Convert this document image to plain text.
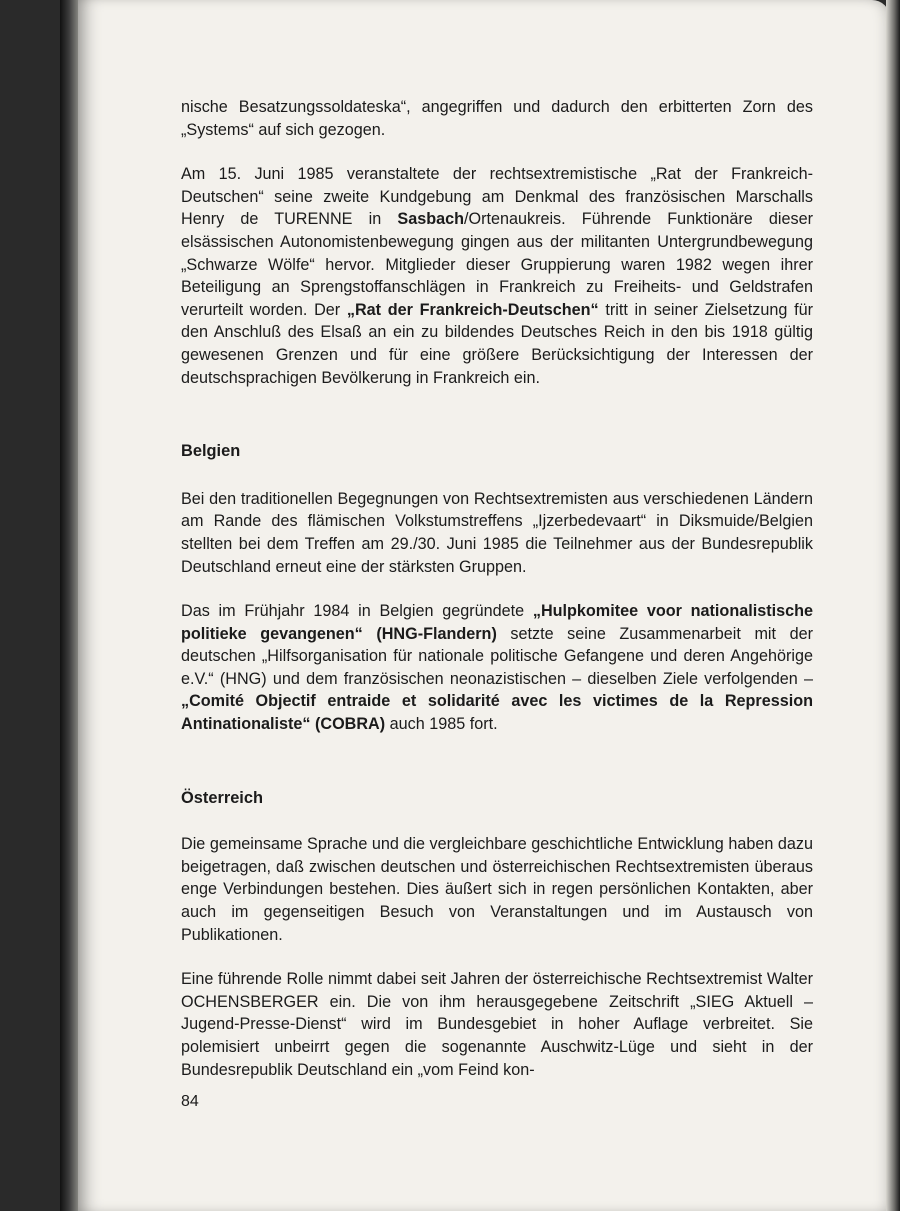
nische Besatzungssoldateska“, angegriffen und dadurch den erbitterten Zorn des „Systems“ auf sich gezogen.

Am 15. Juni 1985 veranstaltete der rechtsextremistische „Rat der Frankreich-Deutschen“ seine zweite Kundgebung am Denkmal des französischen Marschalls Henry de TURENNE in Sasbach/Ortenaukreis. Führende Funktionäre dieser elsässischen Autonomistenbewegung gingen aus der militanten Untergrundbewegung „Schwarze Wölfe“ hervor. Mitglieder dieser Gruppierung waren 1982 wegen ihrer Beteiligung an Sprengstoffanschlägen in Frankreich zu Freiheits- und Geldstrafen verurteilt worden. Der „Rat der Frankreich-Deutschen“ tritt in seiner Zielsetzung für den Anschluß des Elsaß an ein zu bildendes Deutsches Reich in den bis 1918 gültig gewesenen Grenzen und für eine größere Berücksichtigung der Interessen der deutschsprachigen Bevölkerung in Frankreich ein.

Belgien

Bei den traditionellen Begegnungen von Rechtsextremisten aus verschiedenen Ländern am Rande des flämischen Volkstumstreffens „Ijzerbedevaart“ in Diksmuide/Belgien stellten bei dem Treffen am 29./30. Juni 1985 die Teilnehmer aus der Bundesrepublik Deutschland erneut eine der stärksten Gruppen.

Das im Frühjahr 1984 in Belgien gegründete „Hulpkomitee voor nationalistische politieke gevangenen“ (HNG-Flandern) setzte seine Zusammenarbeit mit der deutschen „Hilfsorganisation für nationale politische Gefangene und deren Angehörige e.V.“ (HNG) und dem französischen neonazistischen – dieselben Ziele verfolgenden – „Comité Objectif entraide et solidarité avec les victimes de la Repression Antinationaliste“ (COBRA) auch 1985 fort.

Österreich

Die gemeinsame Sprache und die vergleichbare geschichtliche Entwicklung haben dazu beigetragen, daß zwischen deutschen und österreichischen Rechtsextremisten überaus enge Verbindungen bestehen. Dies äußert sich in regen persönlichen Kontakten, aber auch im gegenseitigen Besuch von Veranstaltungen und im Austausch von Publikationen.

Eine führende Rolle nimmt dabei seit Jahren der österreichische Rechtsextremist Walter OCHENSBERGER ein. Die von ihm herausgegebene Zeitschrift „SIEG Aktuell – Jugend-Presse-Dienst“ wird im Bundesgebiet in hoher Auflage verbreitet. Sie polemisiert unbeirrt gegen die sogenannte Auschwitz-Lüge und sieht in der Bundesrepublik Deutschland ein „vom Feind kon-

84
